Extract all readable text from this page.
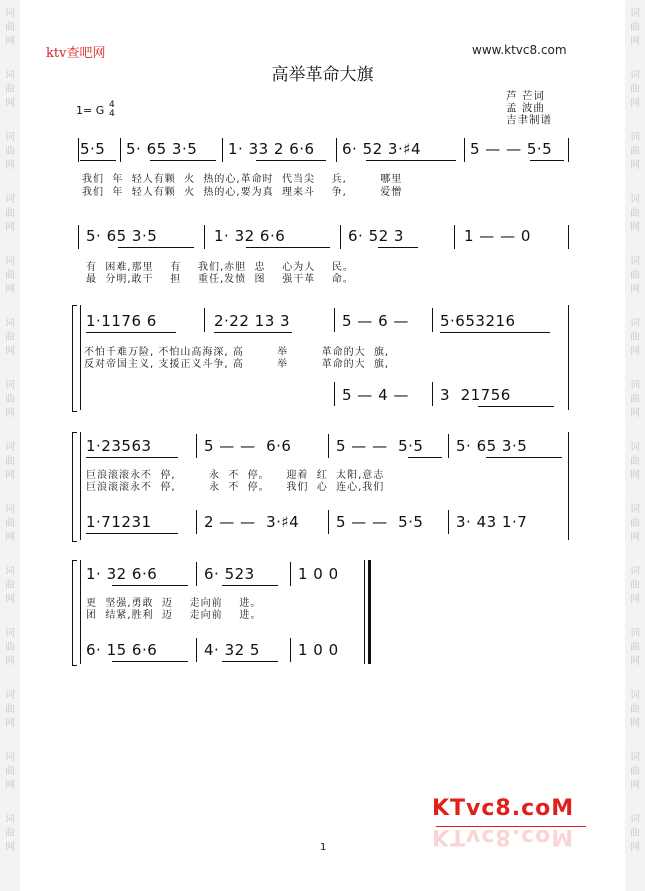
词
曲
网
词
曲
网
词
曲
网
词
曲
网
词
曲
网
词
曲
网
词
曲
网
词
曲
网
词
曲
网
词
曲
网
词
曲
网
词
曲
网
词
曲
网
词
曲
网
词
曲
网
词
曲
网
词
曲
网
词
曲
网
词
曲
网
词
曲
网
词
曲
网
词
曲
网
词
曲
网
词
曲
网
词
曲
网
词
曲
网
词
曲
网
词
曲
网
ktv查吧网	www.ktvc8.com
高举革命大旗
芦 芒词
孟 波曲
吉聿制谱
1= G 4
4
5·5 5· 65 3·5 1· 33 2 6·6 6· 52 3·♯4	5 — — 5·5
我们  年  轻人有颗  火  热的心,革命时  代当尖    兵,        哪里
我们  年  轻人有颗  火  热的心,要为真  理来斗    争,        爱憎
5· 65 3·5	1· 32 6·6	6· 52 3	1 — — 0
有  困难,那里    有    我们,赤胆  忠    心为人    民。
最  分明,敢干    担    重任,发愤  图    强干革    命。
1·1176 6	2·22 13 3	5 — 6 — 5·653216
不怕千难万险, 不怕山高海深, 高        举        革命的大  旗,
反对帝国主义, 支援正义斗争, 高        举        革命的大  旗,
5 — 4 — 3  21756
1·23563	5 — —  6·6	5 — —  5·5 5· 65 3·5
巨浪滚滚永不  停,        永  不  停。    迎着  红  太阳,意志
巨浪滚滚永不  停,        永  不  停。    我们  心  连心,我们
1·71231	2 — —  3·♯4 5 — —  5·5 3· 43 1·7
1· 32 6·6	6· 523	1 0 0
更  坚强,勇敢  迈    走向前    进。
团  结紧,胜利  迈    走向前    进。
6· 15 6·6	4· 32 5	1 0 0
KTvc8.coM
KTvc8.coM
1
